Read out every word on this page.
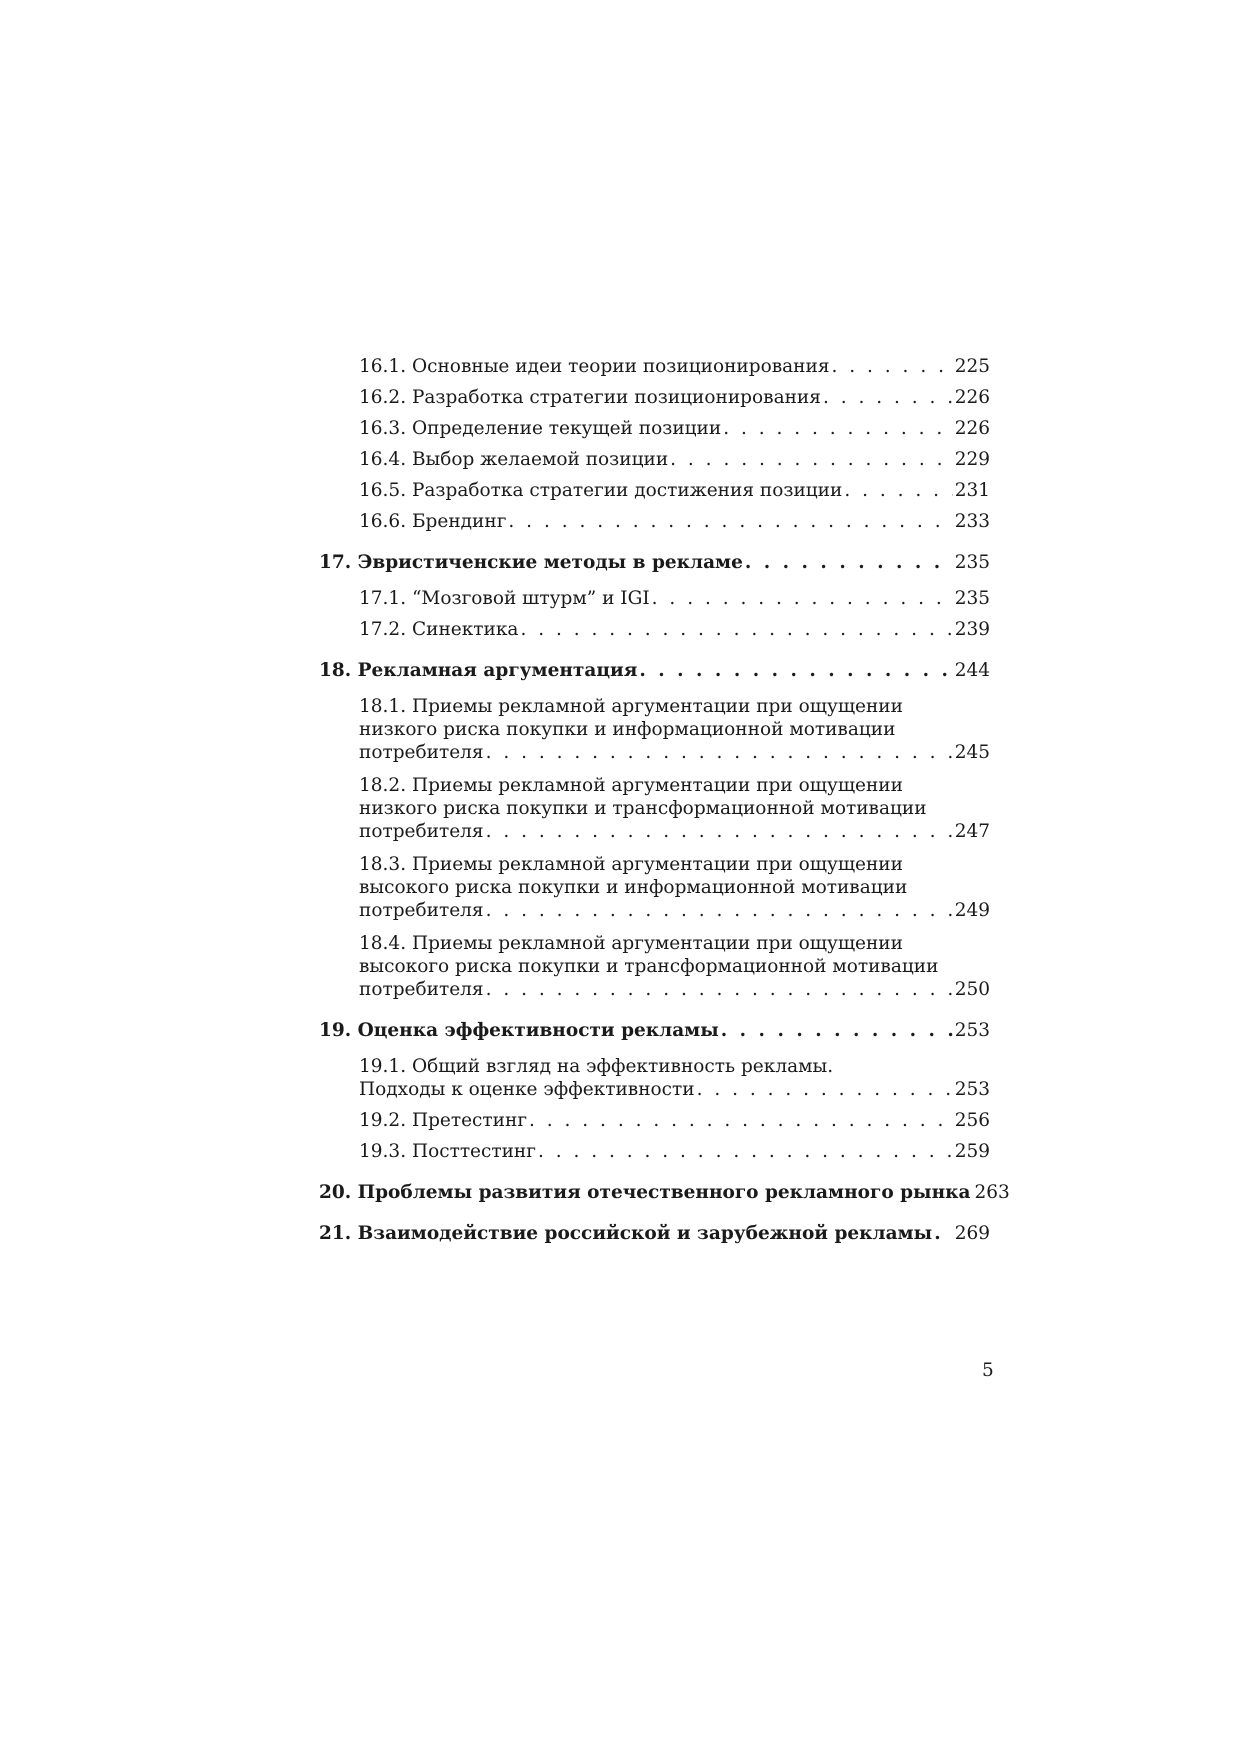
16.1. Основные идеи теории позиционирования . . .	225
16.2. Разработка стратегии позиционирования . . .	226
16.3. Определение текущей позиции . . .	226
16.4. Выбор желаемой позиции . . .	229
16.5. Разработка стратегии достижения позиции . . .	231
16.6. Брендинг . . .	233
17. Эвристиченские методы в рекламе . . .	235
17.1. “Мозговой штурм” и IGI . . .	235
17.2. Синектика . . .	239
18. Рекламная аргументация . . .	244
18.1. Приемы рекламной аргументации при ощущении
низкого риска покупки и информационной мотивации
потребителя . . .	245
18.2. Приемы рекламной аргументации при ощущении
низкого риска покупки и трансформационной мотивации
потребителя . . .	247
18.3. Приемы рекламной аргументации при ощущении
высокого риска покупки и информационной мотивации
потребителя . . .	249
18.4. Приемы рекламной аргументации при ощущении
высокого риска покупки и трансформационной мотивации
потребителя . . .	250
19. Оценка эффективности рекламы . . .	253
19.1. Общий взгляд на эффективность рекламы.
Подходы к оценке эффективности . . .	253
19.2. Претестинг . . .	256
19.3. Посттестинг . . .	259
20. Проблемы развития отечественного рекламного рынка 263
21. Взаимодействие российской и зарубежной рекламы . . . 269
5
